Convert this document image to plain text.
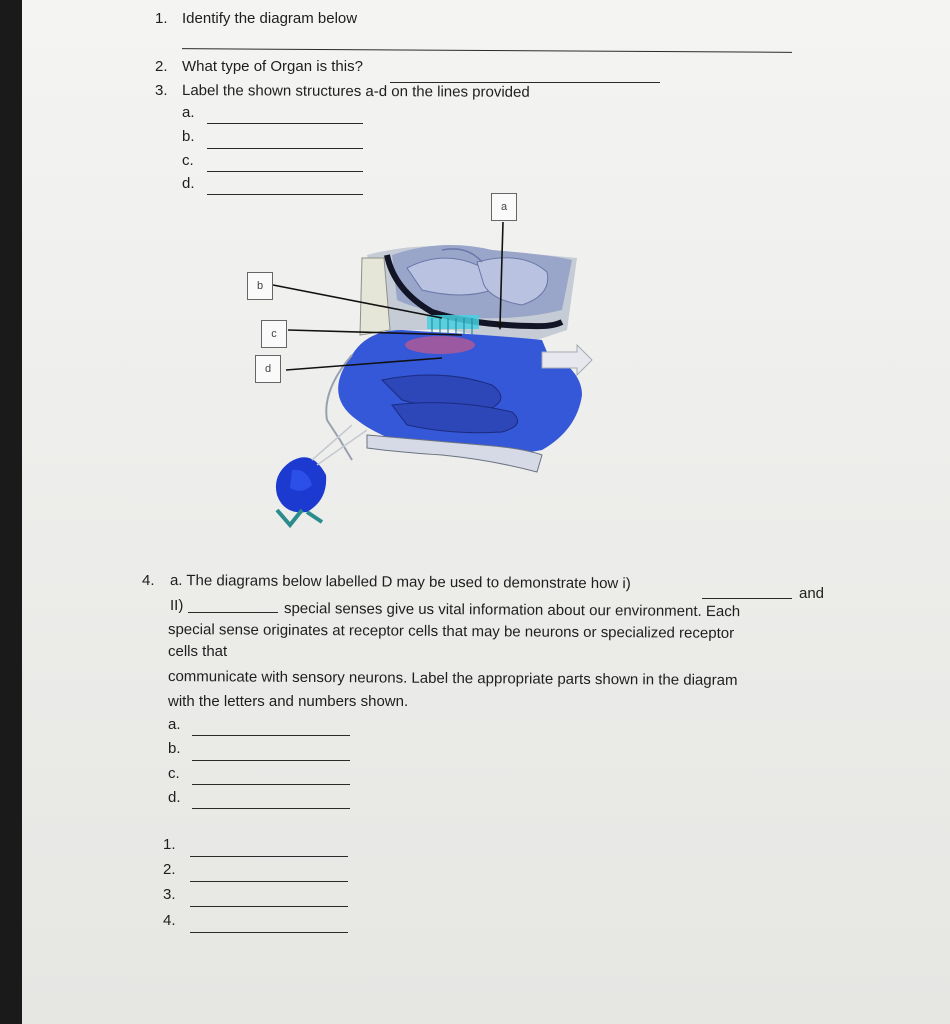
1. Identify the diagram below
2. What type of Organ is this?
3. Label the shown structures a-d on the lines provided
a.
b.
c.
d.
a
b
c
d
4. a. The diagrams below labelled D may be used to demonstrate how i)
and
II)	special senses give us vital information about our environment. Each
special sense originates at receptor cells that may be neurons or specialized receptor
cells that
communicate with sensory neurons. Label the appropriate parts shown in the diagram
with the letters and numbers shown.
a.
b.
c.
d.
1.
2.
3.
4.
